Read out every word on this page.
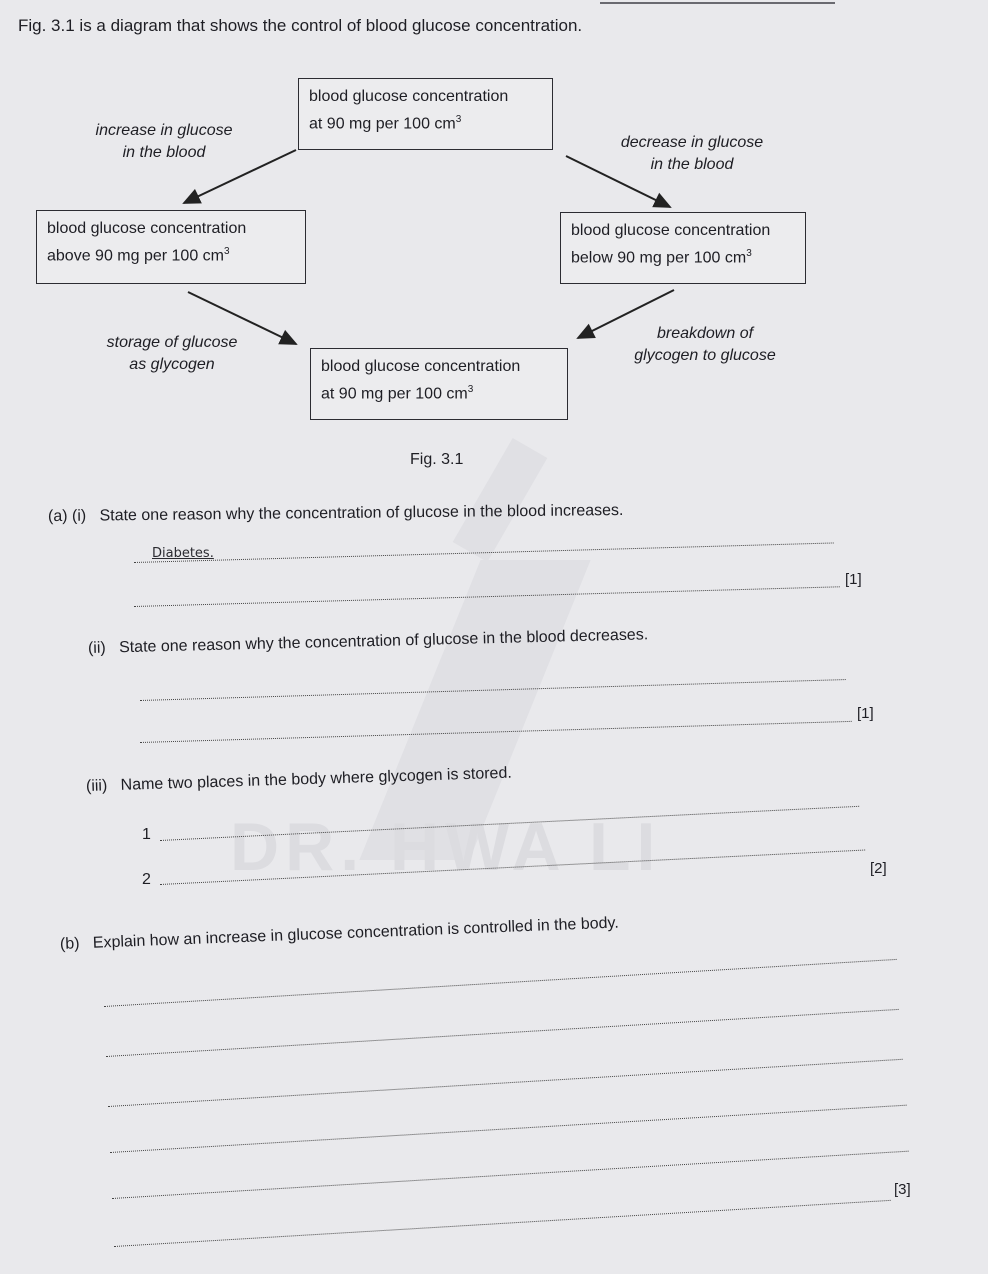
DR. HWA LI
Fig. 3.1 is a diagram that shows the control of blood glucose concentration.
blood glucose concentration
at 90 mg per 100 $cm^3$
blood glucose concentration
above 90 mg per 100 $cm^3$
blood glucose concentration
below 90 mg per 100 $cm^3$
blood glucose concentration
at 90 mg per 100 $cm^3$
increase in glucose
in the blood
decrease in glucose
in the blood
storage of glucose
as glycogen
breakdown of
glycogen to glucose
Fig. 3.1
(a) (i) State one reason why the concentration of glucose in the blood increases.
Diabetes.
[1]
(ii) State one reason why the concentration of glucose in the blood decreases.
[1]
(iii) Name two places in the body where glycogen is stored.
1
2
[2]
(b) Explain how an increase in glucose concentration is controlled in the body.
[3]
